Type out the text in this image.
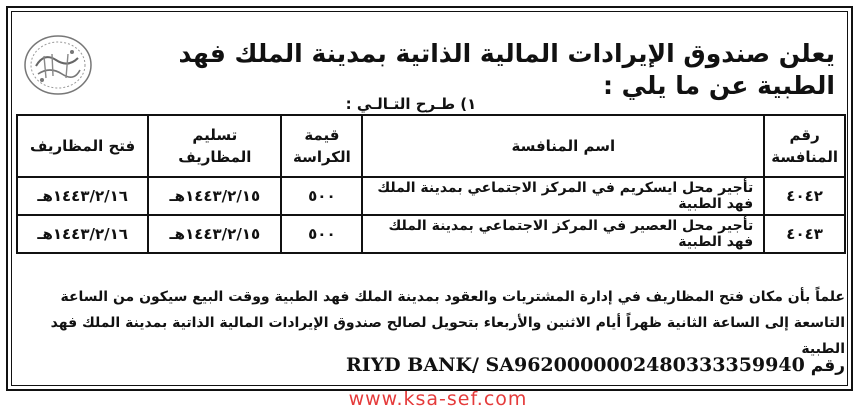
يعلن صندوق الإيرادات المالية الذاتية بمدينة الملك فهد الطبية عن ما يلي :
١) طـرح التـالـي :
رقم المنافسة	اسم المنافسة	قيمة الكراسة	تسليم المظاريف	فتح المظاريف
٤٠٤٢	تأجير محل ايسكريم في المركز الاجتماعي بمدينة الملك فهد الطبية	٥٠٠	١٤٤٣/٢/١٥هـ	١٤٤٣/٢/١٦هـ
٤٠٤٣	تأجير محل العصير في المركز الاجتماعي بمدينة الملك فهد الطبية	٥٠٠	١٤٤٣/٢/١٥هـ	١٤٤٣/٢/١٦هـ
علماً بأن مكان فتح المظاريف في إدارة المشتريات والعقود بمدينة الملك فهد الطبية ووقت البيع سيكون من الساعة التاسعة إلى الساعة الثانية ظهراً أيام الاثنين والأربعاء بتحويل لصالح صندوق الإيرادات المالية الذاتية بمدينة الملك فهد الطبية
رقم RIYD BANK/ SA9620000002480333359940
www.ksa-sef.com
